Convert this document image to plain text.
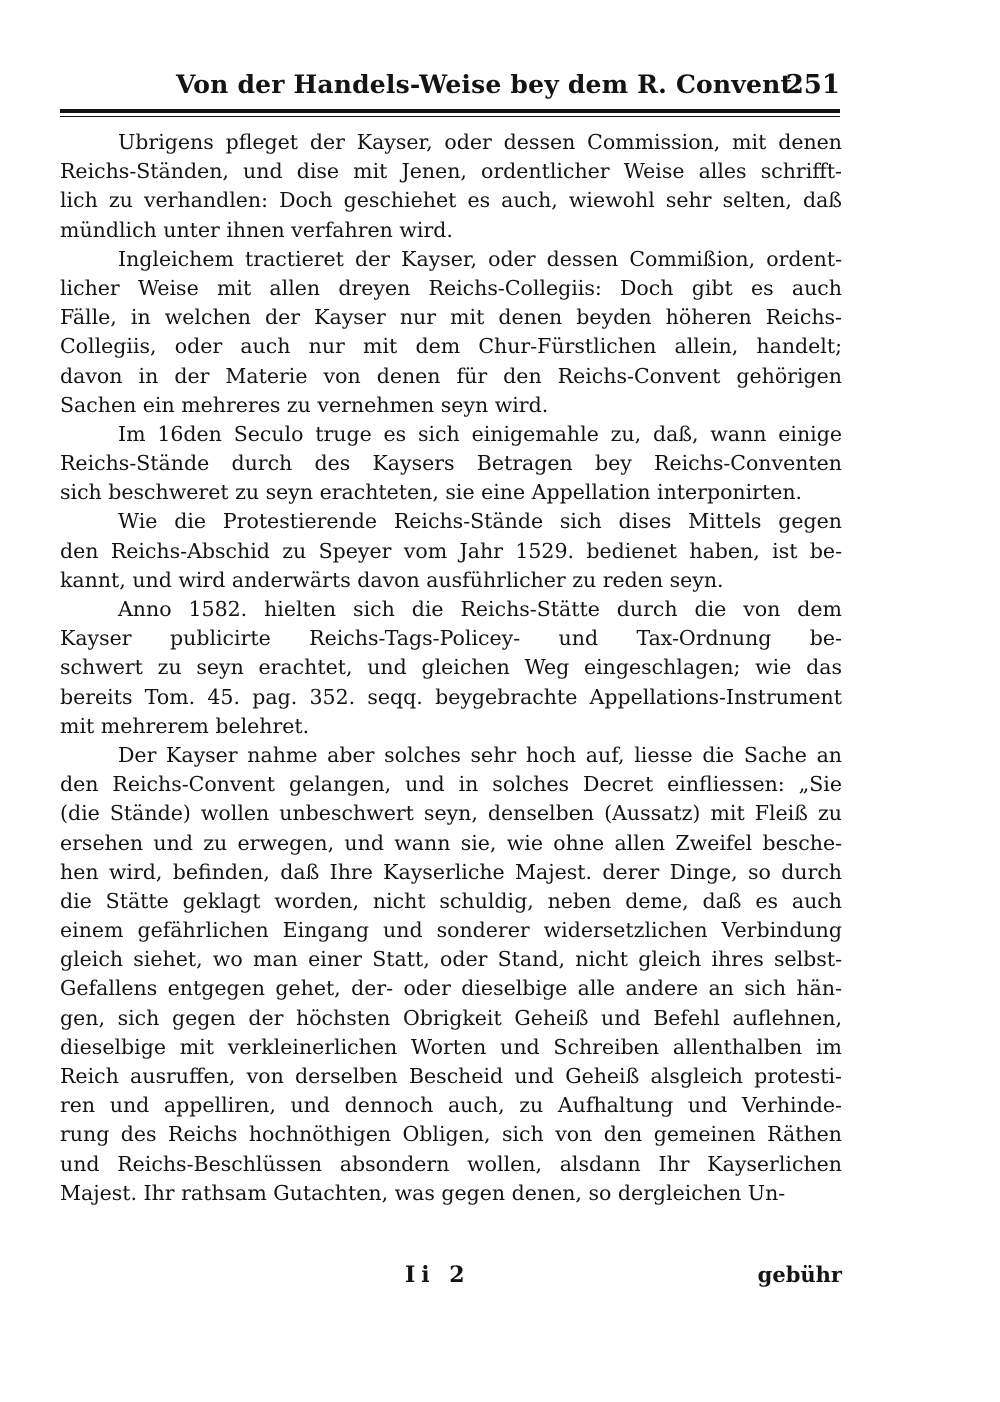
Von der Handels-Weise bey dem R. Convent.
251
Ubrigens pfleget der Kayser, oder dessen Commission, mit denen
Reichs-Ständen, und dise mit Jenen, ordentlicher Weise alles schrifft-
lich zu verhandlen: Doch geschiehet es auch, wiewohl sehr selten, daß
mündlich unter ihnen verfahren wird.
Ingleichem tractieret der Kayser, oder dessen Commißion, ordent-
licher Weise mit allen dreyen Reichs-Collegiis: Doch gibt es auch
Fälle, in welchen der Kayser nur mit denen beyden höheren Reichs-
Collegiis, oder auch nur mit dem Chur-Fürstlichen allein, handelt;
davon in der Materie von denen für den Reichs-Convent gehörigen
Sachen ein mehreres zu vernehmen seyn wird.
Im 16den Seculo truge es sich einigemahle zu, daß, wann einige
Reichs-Stände durch des Kaysers Betragen bey Reichs-Conventen
sich beschweret zu seyn erachteten, sie eine Appellation interponirten.
Wie die Protestierende Reichs-Stände sich dises Mittels gegen
den Reichs-Abschid zu Speyer vom Jahr 1529. bedienet haben, ist be-
kannt, und wird anderwärts davon ausführlicher zu reden seyn.
Anno 1582. hielten sich die Reichs-Stätte durch die von dem
Kayser publicirte Reichs-Tags-Policey- und Tax-Ordnung be-
schwert zu seyn erachtet, und gleichen Weg eingeschlagen; wie das
bereits Tom. 45. pag. 352. seqq. beygebrachte Appellations-Instrument
mit mehrerem belehret.
Der Kayser nahme aber solches sehr hoch auf, liesse die Sache an
den Reichs-Convent gelangen, und in solches Decret einfliessen: „Sie
(die Stände) wollen unbeschwert seyn, denselben (Aussatz) mit Fleiß zu
ersehen und zu erwegen, und wann sie, wie ohne allen Zweifel besche-
hen wird, befinden, daß Ihre Kayserliche Majest. derer Dinge, so durch
die Stätte geklagt worden, nicht schuldig, neben deme, daß es auch
einem gefährlichen Eingang und sonderer widersetzlichen Verbindung
gleich siehet, wo man einer Statt, oder Stand, nicht gleich ihres selbst-
Gefallens entgegen gehet, der- oder dieselbige alle andere an sich hän-
gen, sich gegen der höchsten Obrigkeit Geheiß und Befehl auflehnen,
dieselbige mit verkleinerlichen Worten und Schreiben allenthalben im
Reich ausruffen, von derselben Bescheid und Geheiß alsgleich protesti-
ren und appelliren, und dennoch auch, zu Aufhaltung und Verhinde-
rung des Reichs hochnöthigen Obligen, sich von den gemeinen Räthen
und Reichs-Beschlüssen absondern wollen, alsdann Ihr Kayserlichen
Majest. Ihr rathsam Gutachten, was gegen denen, so dergleichen Un-
Ii 2	gebühr
